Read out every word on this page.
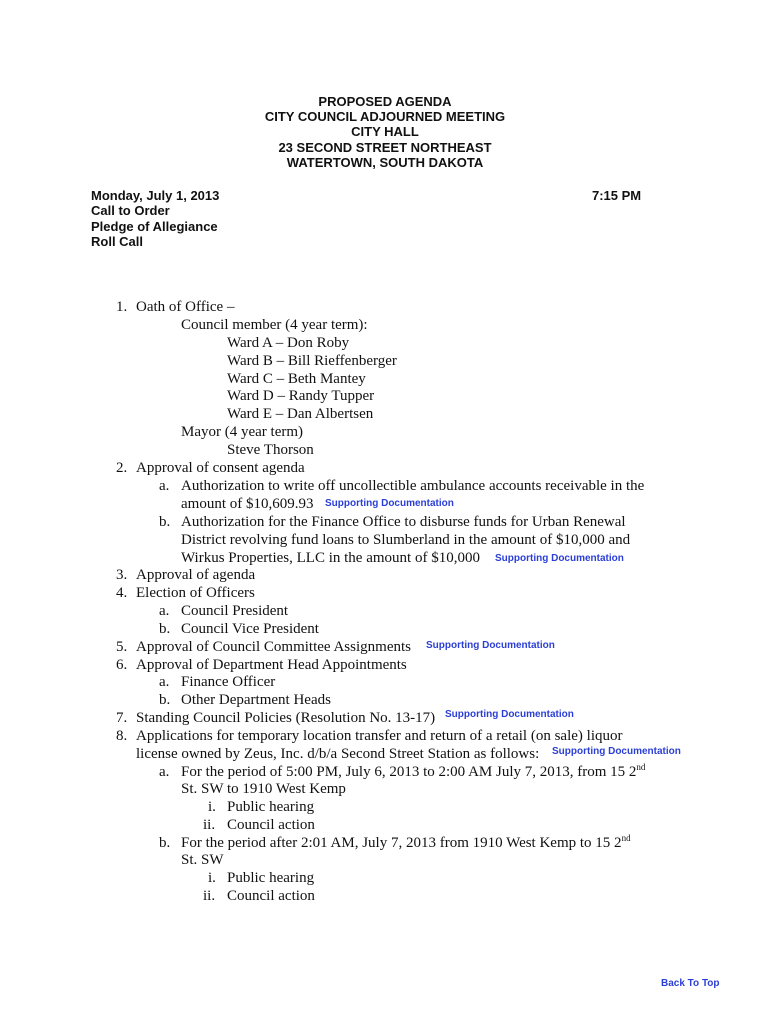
PROPOSED AGENDA
CITY COUNCIL ADJOURNED MEETING
CITY HALL
23 SECOND STREET NORTHEAST
WATERTOWN, SOUTH DAKOTA
Monday, July 1, 2013	7:15 PM
Call to Order
Pledge of Allegiance
Roll Call
1. Oath of Office –
Council member (4 year term):
Ward A – Don Roby
Ward B – Bill Rieffenberger
Ward C – Beth Mantey
Ward D – Randy Tupper
Ward E – Dan Albertsen
Mayor (4 year term)
Steve Thorson
2. Approval of consent agenda
a. Authorization to write off uncollectible ambulance accounts receivable in the
amount of $10,609.93 Supporting Documentation
b. Authorization for the Finance Office to disburse funds for Urban Renewal
District revolving fund loans to Slumberland in the amount of $10,000 and
Wirkus Properties, LLC in the amount of $10,000 Supporting Documentation
3. Approval of agenda
4. Election of Officers
a. Council President
b. Council Vice President
5. Approval of Council Committee Assignments Supporting Documentation
6. Approval of Department Head Appointments
a. Finance Officer
b. Other Department Heads
7. Standing Council Policies (Resolution No. 13-17) Supporting Documentation
8. Applications for temporary location transfer and return of a retail (on sale) liquor
license owned by Zeus, Inc. d/b/a Second Street Station as follows: Supporting Documentation
a. For the period of 5:00 PM, July 6, 2013 to 2:00 AM July 7, 2013, from 15 2nd
St. SW to 1910 West Kemp
i. Public hearing
ii. Council action
b. For the period after 2:01 AM, July 7, 2013 from 1910 West Kemp to 15 2nd
St. SW
i. Public hearing
ii. Council action
Back To Top
